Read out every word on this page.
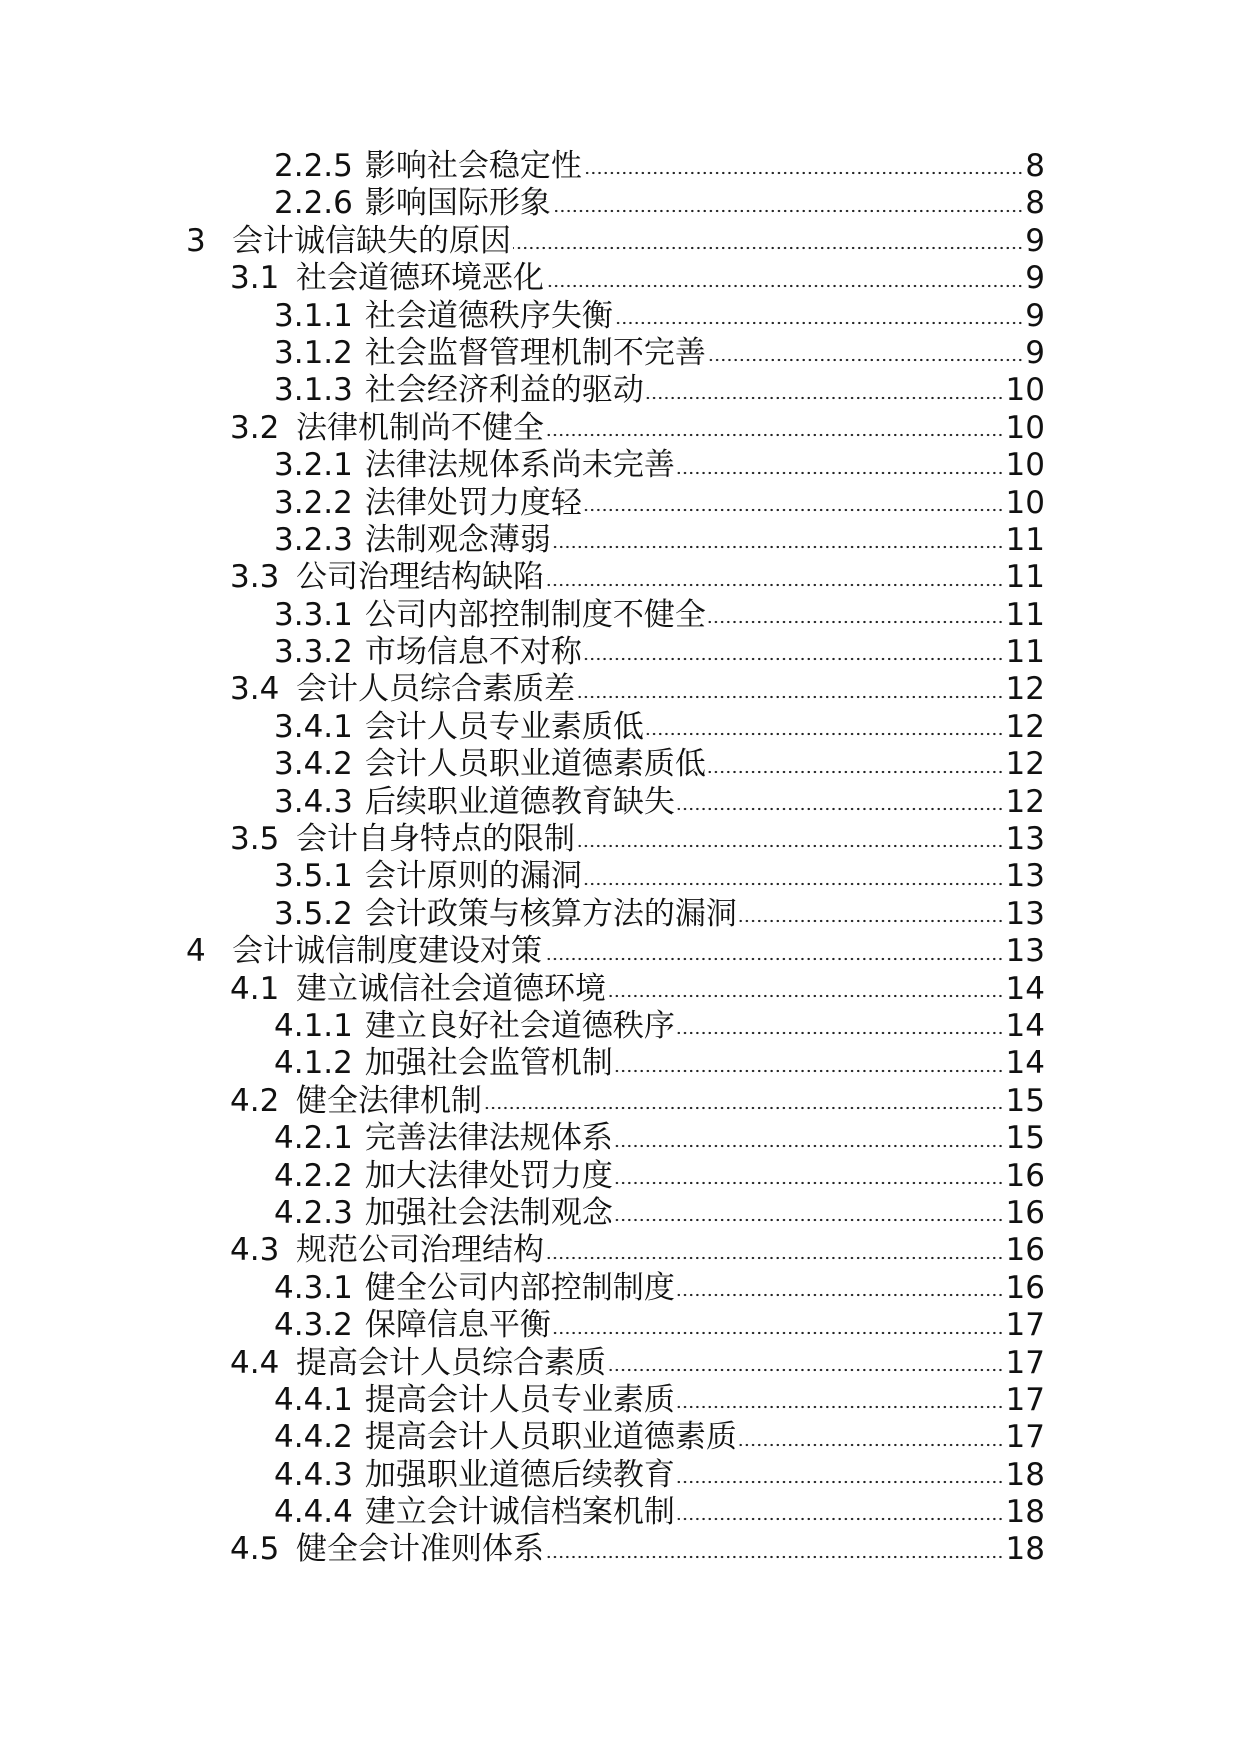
2.2.5 影响社会稳定性	8
2.2.6 影响国际形象	8
3 会计诚信缺失的原因	9
3.1 社会道德环境恶化	9
3.1.1 社会道德秩序失衡	9
3.1.2 社会监督管理机制不完善	9
3.1.3 社会经济利益的驱动	10
3.2 法律机制尚不健全	10
3.2.1 法律法规体系尚未完善	10
3.2.2 法律处罚力度轻	10
3.2.3 法制观念薄弱	11
3.3 公司治理结构缺陷	11
3.3.1 公司内部控制制度不健全	11
3.3.2 市场信息不对称	11
3.4 会计人员综合素质差	12
3.4.1 会计人员专业素质低	12
3.4.2 会计人员职业道德素质低	12
3.4.3 后续职业道德教育缺失	12
3.5 会计自身特点的限制	13
3.5.1 会计原则的漏洞	13
3.5.2 会计政策与核算方法的漏洞	13
4 会计诚信制度建设对策	13
4.1 建立诚信社会道德环境	14
4.1.1 建立良好社会道德秩序	14
4.1.2 加强社会监管机制	14
4.2 健全法律机制	15
4.2.1 完善法律法规体系	15
4.2.2 加大法律处罚力度	16
4.2.3 加强社会法制观念	16
4.3 规范公司治理结构	16
4.3.1 健全公司内部控制制度	16
4.3.2 保障信息平衡	17
4.4 提高会计人员综合素质	17
4.4.1 提高会计人员专业素质	17
4.4.2 提高会计人员职业道德素质	17
4.4.3 加强职业道德后续教育	18
4.4.4 建立会计诚信档案机制	18
4.5 健全会计准则体系	18
